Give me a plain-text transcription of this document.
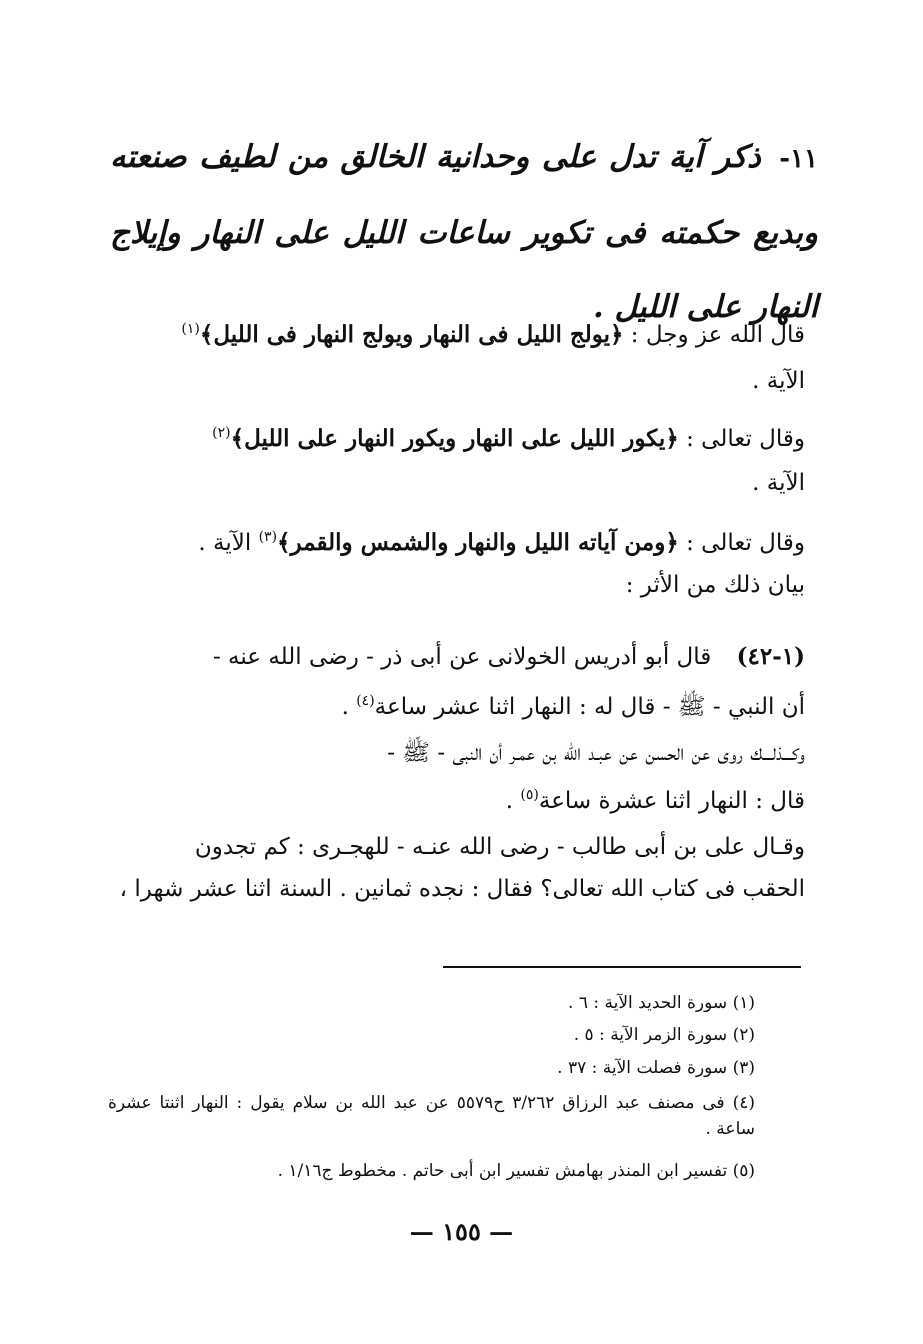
١١- ذكر آية تدل على وحدانية الخالق من لطيف صنعته وبديع حكمته فى تكوير ساعات الليل على النهار وإيلاج النهار على الليل .
قال الله عز وجل : ﴿يولج الليل فى النهار ويولج النهار فى الليل﴾$^{(١)}$
الآية .
وقال تعالى : ﴿يكور الليل على النهار ويكور النهار على الليل﴾$^{(٢)}$
الآية .
وقال تعالى : ﴿ومن آياته الليل والنهار والشمس والقمر﴾$^{(٣)}$ الآية .
بيان ذلك من الأثر :
(١-٤٢) قال أبو أدريس الخولانى عن أبى ذر - رضى الله عنه -
أن النبي - ﷺ - قال له : النهار اثنا عشر ساعة$^{(٤)}$ .
وكـــذلـــك روى عن الحسن عن عبـد الله بن عمـر أن النبى - ﷺ -
قال : النهار اثنا عشرة ساعة$^{(٥)}$ .
وقـال على بن أبى طالب - رضى الله عنـه - للهجـرى : كم تجدون
الحقب فى كتاب الله تعالى؟ فقال : نجده ثمانين . السنة اثنا عشر شهرا ،
(١) سورة الحديد الآية : ٦ .
(٢) سورة الزمر الآية : ٥ .
(٣) سورة فصلت الآية : ٣٧ .
(٤) فى مصنف عبد الرزاق ٣/٢٦٢ ح٥٥٧٩ عن عبد الله بن سلام يقول : النهار اثنتا عشرة ساعة .
(٥) تفسير ابن المنذر بهامش تفسير ابن أبى حاتم . مخطوط ج١/١٦ .
— ١٥٥ —
